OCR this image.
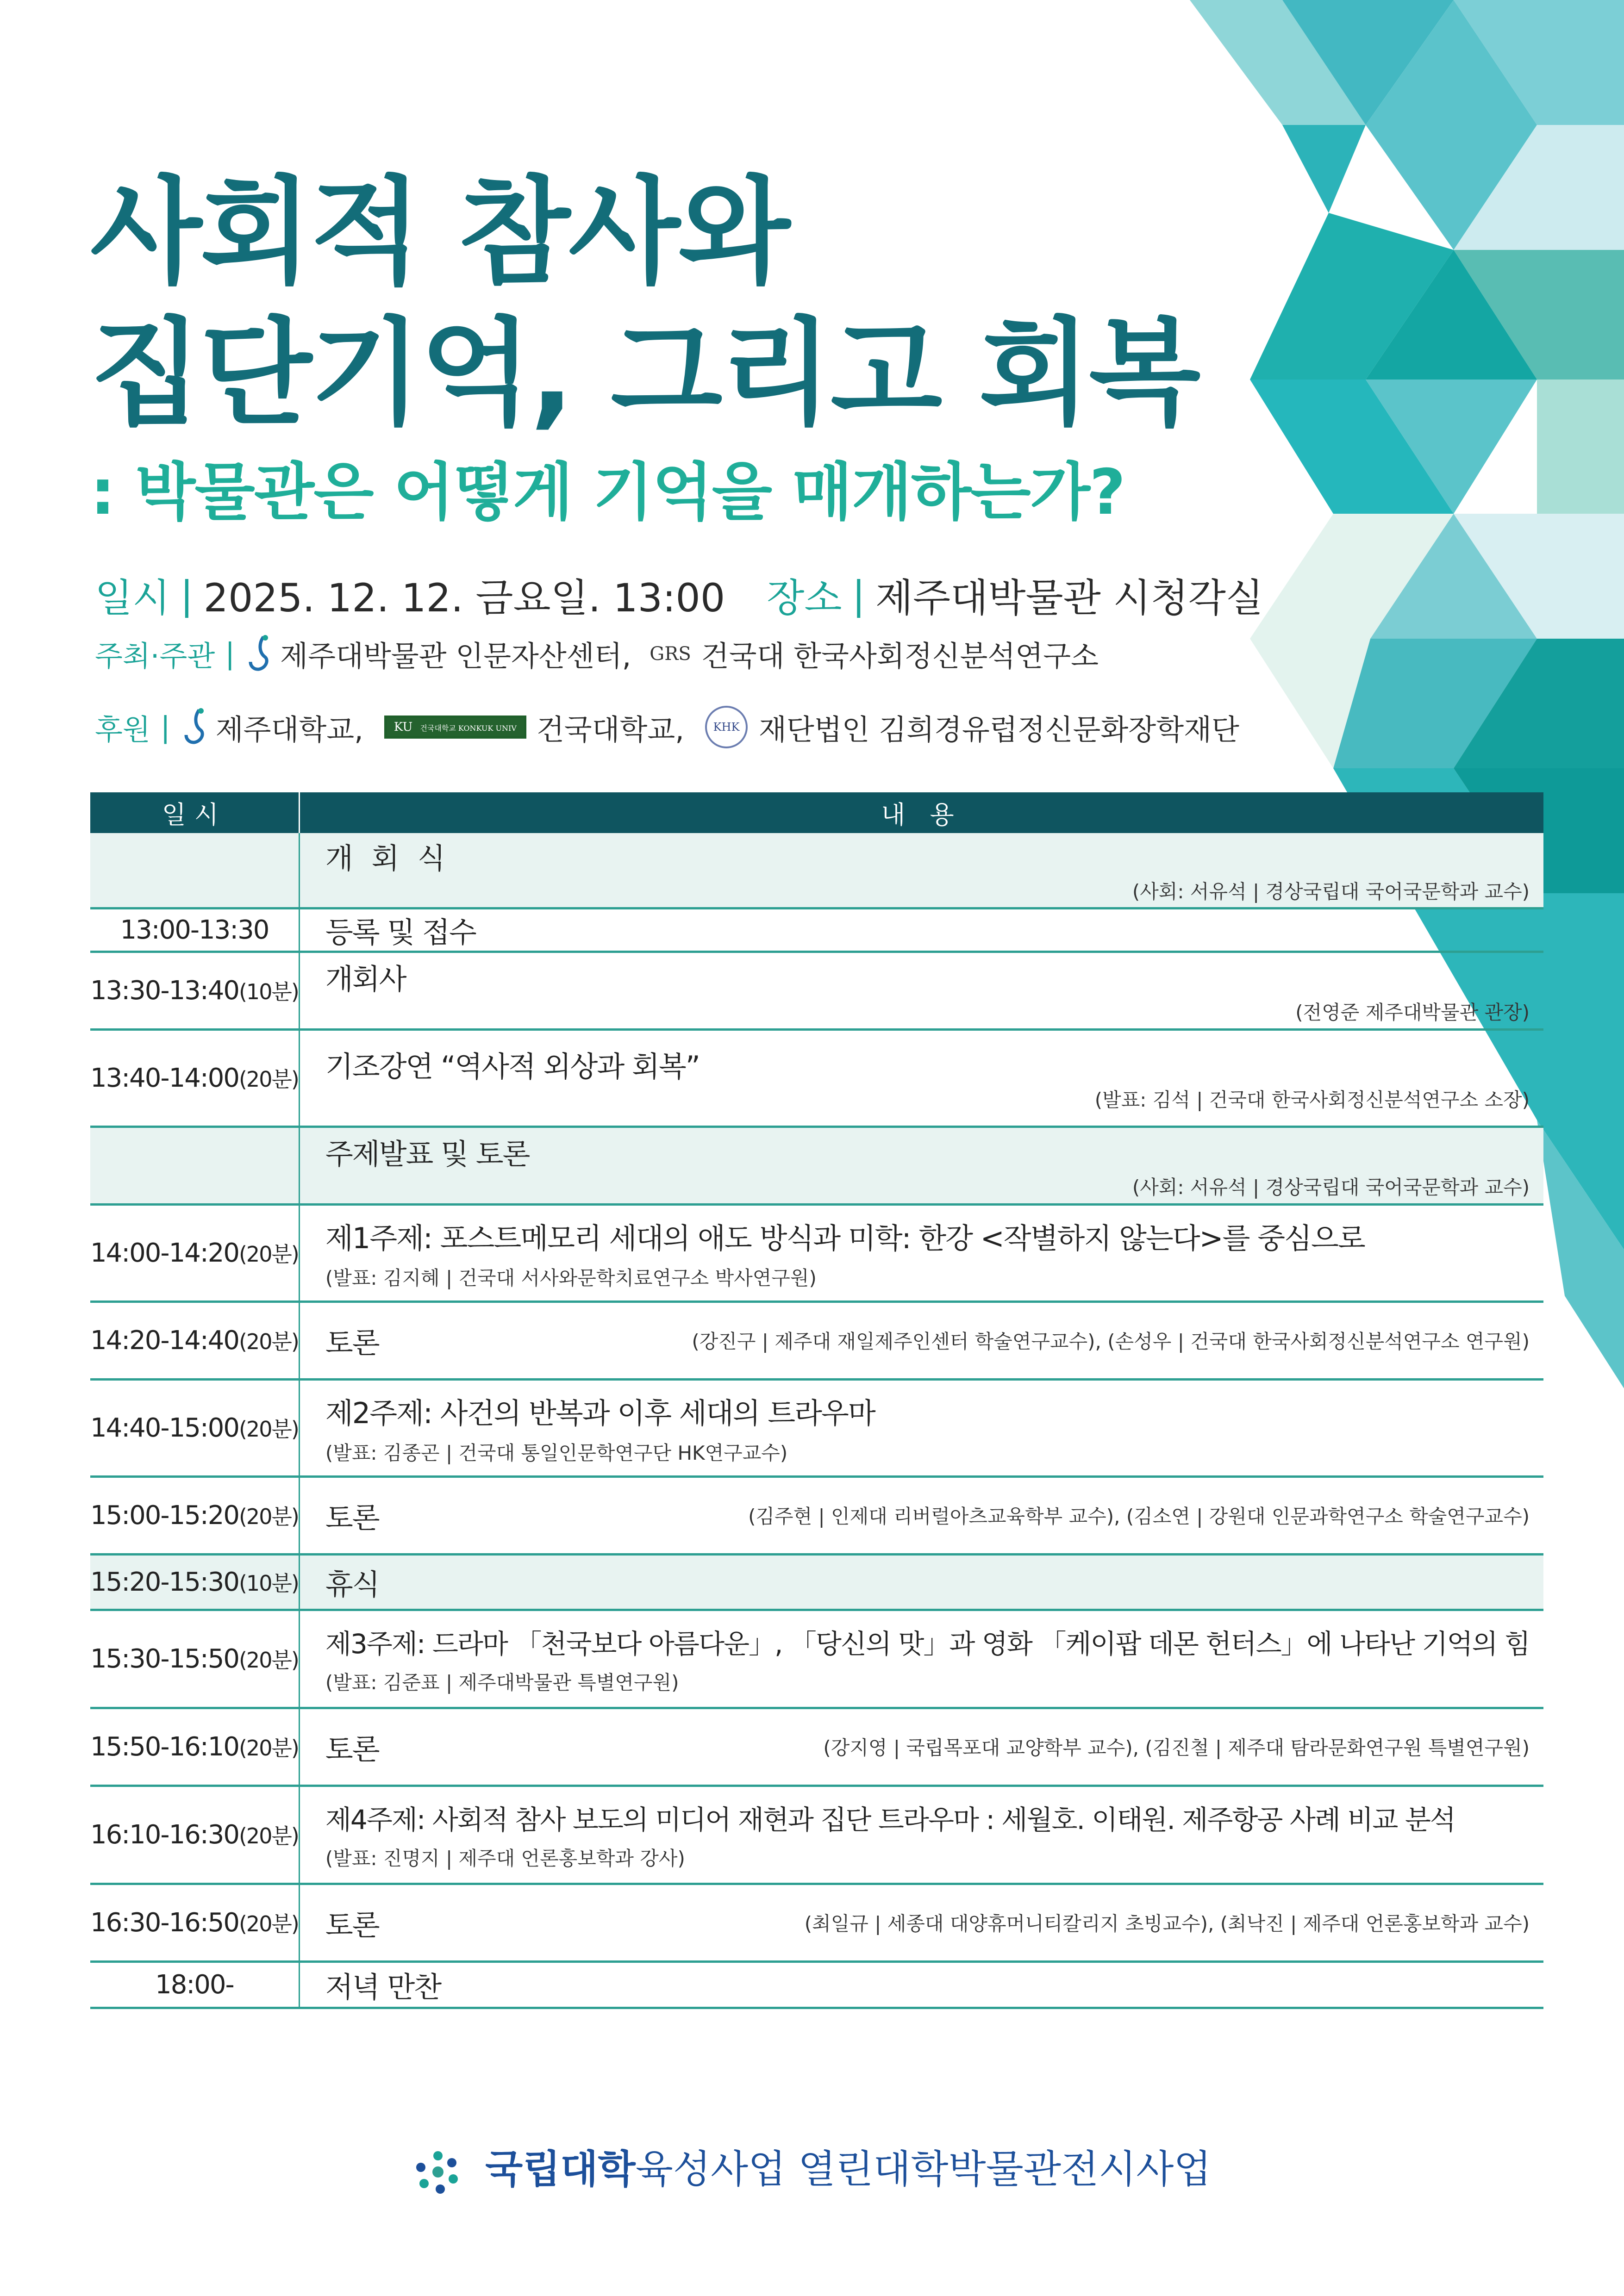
사회적 참사와
집단기억, 그리고 회복
: 박물관은 어떻게 기억을 매개하는가?
일시 | 2025. 12. 12. 금요일. 13:00 장소 | 제주대박물관 시청각실
주최·주관 | 제주대박물관 인문자산센터, GRS 건국대 한국사회정신분석연구소
후원 | 제주대학교,	KU 건국대학교 KONKUK UNIV 건국대학교,	KHK 재단법인 김희경유럽정신문화장학재단
일시	내 용

	개 회 식
(사회: 서유석 | 경상국립대 국어국문학과 교수)

13:00-13:30	등록 및 접수

13:30-13:40(10분)	개회사
(전영준 제주대박물관 관장)

13:40-14:00(20분)	기조강연 “역사적 외상과 회복”
(발표: 김석 | 건국대 한국사회정신분석연구소 소장)

	주제발표 및 토론
(사회: 서유석 | 경상국립대 국어국문학과 교수)

14:00-14:20(20분)	제1주제: 포스트메모리 세대의 애도 방식과 미학: 한강 <작별하지 않는다>를 중심으로
(발표: 김지혜 | 건국대 서사와문학치료연구소 박사연구원)

14:20-14:40(20분)	토론 (강진구 | 제주대 재일제주인센터 학술연구교수), (손성우 | 건국대 한국사회정신분석연구소 연구원)

14:40-15:00(20분)	제2주제: 사건의 반복과 이후 세대의 트라우마
(발표: 김종곤 | 건국대 통일인문학연구단 HK연구교수)

15:00-15:20(20분)	토론 (김주현 | 인제대 리버럴아츠교육학부 교수), (김소연 | 강원대 인문과학연구소 학술연구교수)

15:20-15:30(10분)	휴식

15:30-15:50(20분)	제3주제: 드라마 「천국보다 아름다운」, 「당신의 맛」과 영화 「케이팝 데몬 헌터스」에 나타난 기억의 힘
(발표: 김준표 | 제주대박물관 특별연구원)

15:50-16:10(20분)	토론 (강지영 | 국립목포대 교양학부 교수), (김진철 | 제주대 탐라문화연구원 특별연구원)

16:10-16:30(20분)	제4주제: 사회적 참사 보도의 미디어 재현과 집단 트라우마 : 세월호. 이태원. 제주항공 사례 비교 분석
(발표: 진명지 | 제주대 언론홍보학과 강사)

16:30-16:50(20분)	토론 (최일규 | 세종대 대양휴머니티칼리지 초빙교수), (최낙진 | 제주대 언론홍보학과 교수)

18:00-	저녁 만찬
국립대학육성사업 열린대학박물관전시사업
